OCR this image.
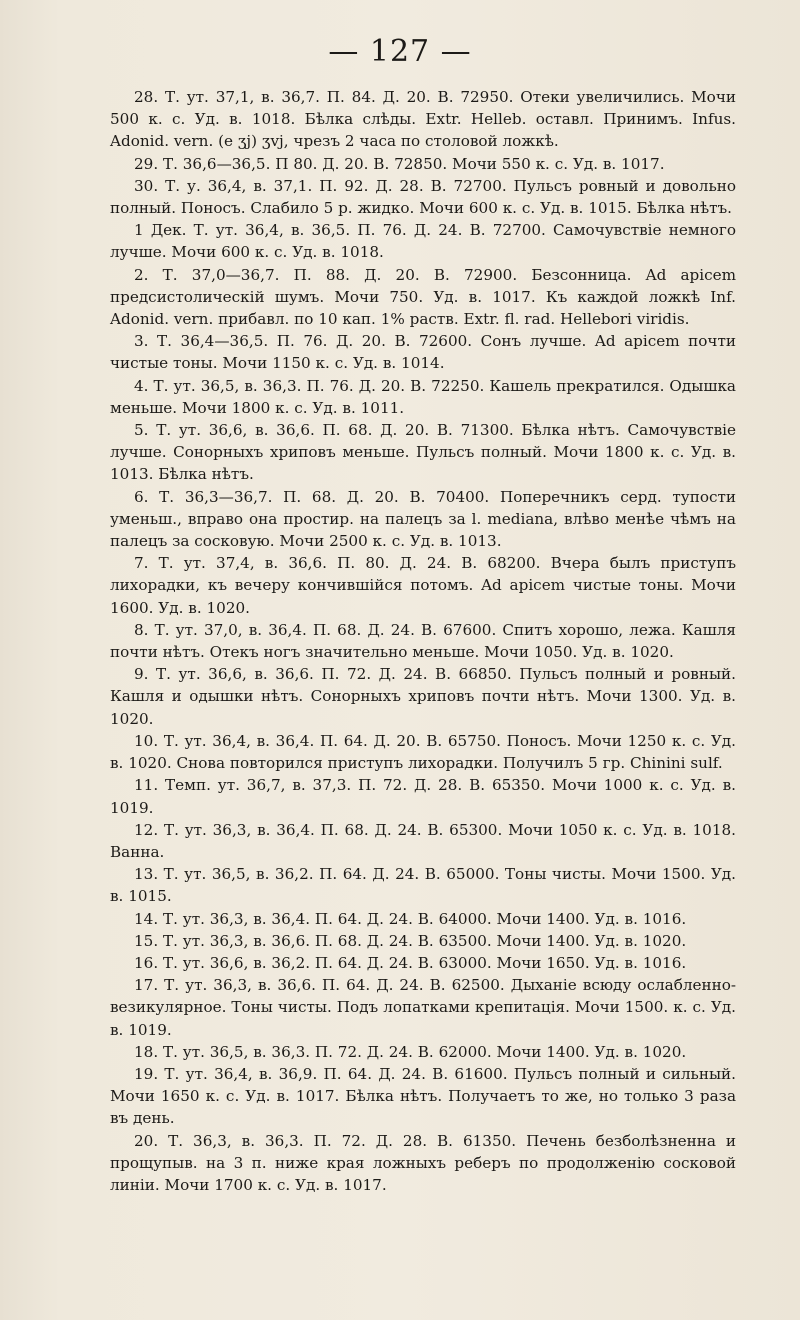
— 127 —

28. Т. ут. 37,1, в. 36,7. П. 84. Д. 20. В. 72950. Отеки увеличились. Мочи 500 к. с. Уд. в. 1018. Бѣлка слѣды. Extr. Helleb. оставл. Принимъ. Infus. Adonid. vern. (e ʒj) ʒvj, чрезъ 2 часа по столовой ложкѣ.

29. Т. 36,6—36,5. П 80. Д. 20. В. 72850. Мочи 550 к. с. Уд. в. 1017.

30. Т. у. 36,4, в. 37,1. П. 92. Д. 28. В. 72700. Пульсъ ровный и довольно полный. Поносъ. Слабило 5 р. жидко. Мочи 600 к. с. Уд. в. 1015. Бѣлка нѣтъ.

1 Дек. Т. ут. 36,4, в. 36,5. П. 76. Д. 24. В. 72700. Самочувствіе немного лучше. Мочи 600 к. с. Уд. в. 1018.

2. Т. 37,0—36,7. П. 88. Д. 20. В. 72900. Безсонница. Ad apicem предсистолическій шумъ. Мочи 750. Уд. в. 1017. Къ каждой ложкѣ Inf. Adonid. vern. прибавл. по 10 кап. 1% раств. Extr. fl. rad. Hellebori viridis.

3. Т. 36,4—36,5. П. 76. Д. 20. В. 72600. Сонъ лучше. Ad apicem почти чистые тоны. Мочи 1150 к. с. Уд. в. 1014.

4. Т. ут. 36,5, в. 36,3. П. 76. Д. 20. В. 72250. Кашель прекратился. Одышка меньше. Мочи 1800 к. с. Уд. в. 1011.

5. Т. ут. 36,6, в. 36,6. П. 68. Д. 20. В. 71300. Бѣлка нѣтъ. Самочувствіе лучше. Сонорныхъ хриповъ меньше. Пульсъ полный. Мочи 1800 к. с. Уд. в. 1013. Бѣлка нѣтъ.

6. Т. 36,3—36,7. П. 68. Д. 20. В. 70400. Поперечникъ серд. тупости уменьш., вправо она простир. на палецъ за l. mediana, влѣво менѣе чѣмъ на палецъ за сосковую. Мочи 2500 к. с. Уд. в. 1013.

7. Т. ут. 37,4, в. 36,6. П. 80. Д. 24. В. 68200. Вчера былъ приступъ лихорадки, къ вечеру кончившійся потомъ. Ad apicem чистые тоны. Мочи 1600. Уд. в. 1020.

8. Т. ут. 37,0, в. 36,4. П. 68. Д. 24. В. 67600. Спитъ хорошо, лежа. Кашля почти нѣтъ. Отекъ ногъ значительно меньше. Мочи 1050. Уд. в. 1020.

9. Т. ут. 36,6, в. 36,6. П. 72. Д. 24. В. 66850. Пульсъ полный и ровный. Кашля и одышки нѣтъ. Сонорныхъ хриповъ почти нѣтъ. Мочи 1300. Уд. в. 1020.

10. Т. ут. 36,4, в. 36,4. П. 64. Д. 20. В. 65750. Поносъ. Мочи 1250 к. с. Уд. в. 1020. Снова повторился приступъ лихорадки. Получилъ 5 гр. Chinini sulf.

11. Темп. ут. 36,7, в. 37,3. П. 72. Д. 28. В. 65350. Мочи 1000 к. с. Уд. в. 1019.

12. Т. ут. 36,3, в. 36,4. П. 68. Д. 24. В. 65300. Мочи 1050 к. с. Уд. в. 1018. Ванна.

13. Т. ут. 36,5, в. 36,2. П. 64. Д. 24. В. 65000. Тоны чисты. Мочи 1500. Уд. в. 1015.

14. Т. ут. 36,3, в. 36,4. П. 64. Д. 24. В. 64000. Мочи 1400. Уд. в. 1016.

15. Т. ут. 36,3, в. 36,6. П. 68. Д. 24. В. 63500. Мочи 1400. Уд. в. 1020.

16. Т. ут. 36,6, в. 36,2. П. 64. Д. 24. В. 63000. Мочи 1650. Уд. в. 1016.

17. Т. ут. 36,3, в. 36,6. П. 64. Д. 24. В. 62500. Дыханіе всюду ослабленно-везикулярное. Тоны чисты. Подъ лопатками крепитація. Мочи 1500. к. с. Уд. в. 1019.

18. Т. ут. 36,5, в. 36,3. П. 72. Д. 24. В. 62000. Мочи 1400. Уд. в. 1020.

19. Т. ут. 36,4, в. 36,9. П. 64. Д. 24. В. 61600. Пульсъ полный и сильный. Мочи 1650 к. с. Уд. в. 1017. Бѣлка нѣтъ. Получаетъ то же, но только 3 раза въ день.

20. Т. 36,3, в. 36,3. П. 72. Д. 28. В. 61350. Печень безболѣзненна и прощупыв. на 3 п. ниже края ложныхъ реберъ по продолженію сосковой линіи. Мочи 1700 к. с. Уд. в. 1017.
